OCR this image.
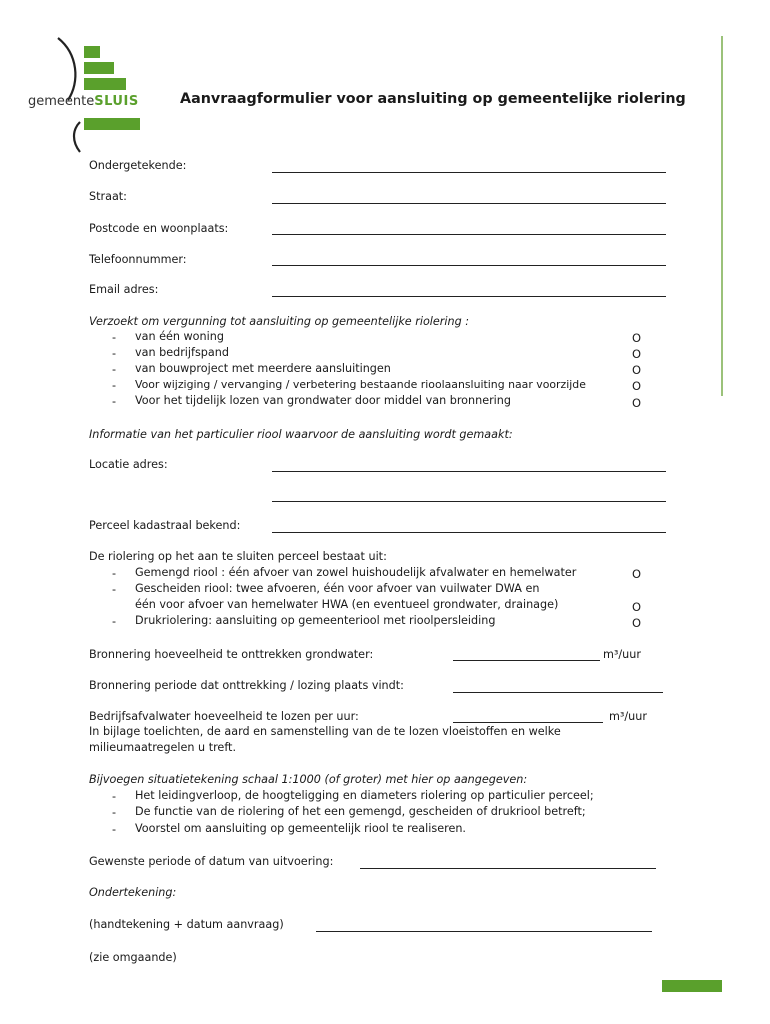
gemeenteSLUIS	Aanvraagformulier voor aansluiting op gemeentelijke riolering
Ondergetekende:
Straat:
Postcode en woonplaats:
Telefoonnummer:
Email adres:
Verzoekt om vergunning tot aansluiting op gemeentelijke riolering :
- van één woning	O
- van bedrijfspand	O
- van bouwproject met meerdere aansluitingen	O
- Voor wijziging / vervanging / verbetering bestaande rioolaansluiting naar voorzijde	O
- Voor het tijdelijk lozen van grondwater door middel van bronnering	O
Informatie van het particulier riool waarvoor de aansluiting wordt gemaakt:
Locatie adres:
Perceel kadastraal bekend:
De riolering op het aan te sluiten perceel bestaat uit:
- Gemengd riool : één afvoer van zowel huishoudelijk afvalwater en hemelwater	O
- Gescheiden riool: twee afvoeren, één voor afvoer van vuilwater DWA en
één voor afvoer van hemelwater HWA (en eventueel grondwater, drainage)	O
- Drukriolering: aansluiting op gemeenteriool met rioolpersleiding	O
Bronnering hoeveelheid te onttrekken grondwater:	m³/uur
Bronnering periode dat onttrekking / lozing plaats vindt:
Bedrijfsafvalwater hoeveelheid te lozen per uur:	m³/uur
In bijlage toelichten, de aard en samenstelling van de te lozen vloeistoffen en welke
milieumaatregelen u treft.
Bijvoegen situatietekening schaal 1:1000 (of groter) met hier op aangegeven:
- Het leidingverloop, de hoogteligging en diameters riolering op particulier perceel;
- De functie van de riolering of het een gemengd, gescheiden of drukriool betreft;
- Voorstel om aansluiting op gemeentelijk riool te realiseren.
Gewenste periode of datum van uitvoering:
Ondertekening:
(handtekening + datum aanvraag)
(zie omgaande)
